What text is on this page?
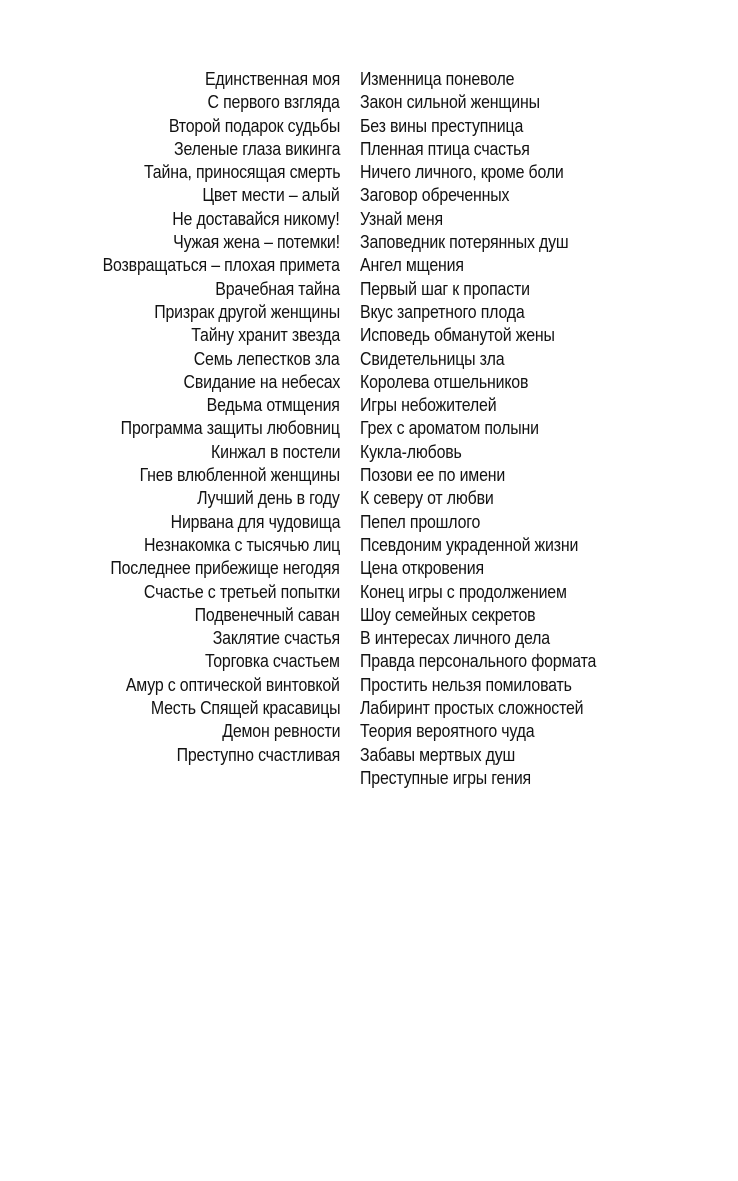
Единственная моя Изменница поневоле
С первого взгляда Закон сильной женщины
Второй подарок судьбы Без вины преступница
Зеленые глаза викинга Пленная птица счастья
Тайна, приносящая смерть Ничего личного, кроме боли
Цвет мести – алый Заговор обреченных
Не доставайся никому! Узнай меня
Чужая жена – потемки! Заповедник потерянных душ
Возвращаться – плохая примета Ангел мщения
Врачебная тайна Первый шаг к пропасти
Призрак другой женщины Вкус запретного плода
Тайну хранит звезда Исповедь обманутой жены
Семь лепестков зла Свидетельницы зла
Свидание на небесах Королева отшельников
Ведьма отмщения Игры небожителей
Программа защиты любовниц Грех с ароматом полыни
Кинжал в постели Кукла-любовь
Гнев влюбленной женщины Позови ее по имени
Лучший день в году К северу от любви
Нирвана для чудовища Пепел прошлого
Незнакомка с тысячью лиц Псевдоним украденной жизни
Последнее прибежище негодяя Цена откровения
Счастье с третьей попытки Конец игры с продолжением
Подвенечный саван Шоу семейных секретов
Заклятие счастья В интересах личного дела
Торговка счастьем Правда персонального формата
Амур с оптической винтовкой Простить нельзя помиловать
Месть Спящей красавицы Лабиринт простых сложностей
Демон ревности Теория вероятного чуда
Преступно счастливая Забавы мертвых душ
Преступные игры гения
